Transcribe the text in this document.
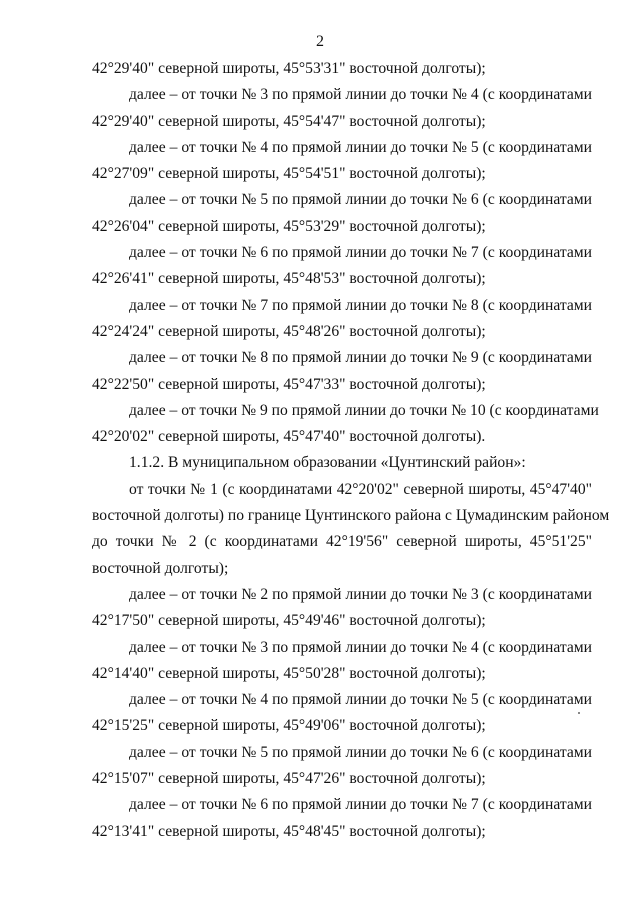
2
42°29'40" северной широты, 45°53'31" восточной долготы);
далее – от точки № 3 по прямой линии до точки № 4 (с координатами
42°29'40" северной широты, 45°54'47" восточной долготы);
далее – от точки № 4 по прямой линии до точки № 5 (с координатами
42°27'09" северной широты, 45°54'51" восточной долготы);
далее – от точки № 5 по прямой линии до точки № 6 (с координатами
42°26'04" северной широты, 45°53'29" восточной долготы);
далее – от точки № 6 по прямой линии до точки № 7 (с координатами
42°26'41" северной широты, 45°48'53" восточной долготы);
далее – от точки № 7 по прямой линии до точки № 8 (с координатами
42°24'24" северной широты, 45°48'26" восточной долготы);
далее – от точки № 8 по прямой линии до точки № 9 (с координатами
42°22'50" северной широты, 45°47'33" восточной долготы);
далее – от точки № 9 по прямой линии до точки № 10 (с координатами
42°20'02" северной широты, 45°47'40" восточной долготы).
1.1.2. В муниципальном образовании «Цунтинский район»:
от точки № 1 (с координатами 42°20'02" северной широты, 45°47'40"
восточной долготы) по границе Цунтинского района с Цумадинским районом
до точки № 2 (с координатами 42°19'56" северной широты, 45°51'25"
восточной долготы);
далее – от точки № 2 по прямой линии до точки № 3 (с координатами
42°17'50" северной широты, 45°49'46" восточной долготы);
далее – от точки № 3 по прямой линии до точки № 4 (с координатами
42°14'40" северной широты, 45°50'28" восточной долготы);
далее – от точки № 4 по прямой линии до точки № 5 (с координатами
42°15'25" северной широты, 45°49'06" восточной долготы);
далее – от точки № 5 по прямой линии до точки № 6 (с координатами
42°15'07" северной широты, 45°47'26" восточной долготы);
далее – от точки № 6 по прямой линии до точки № 7 (с координатами
42°13'41" северной широты, 45°48'45" восточной долготы);
